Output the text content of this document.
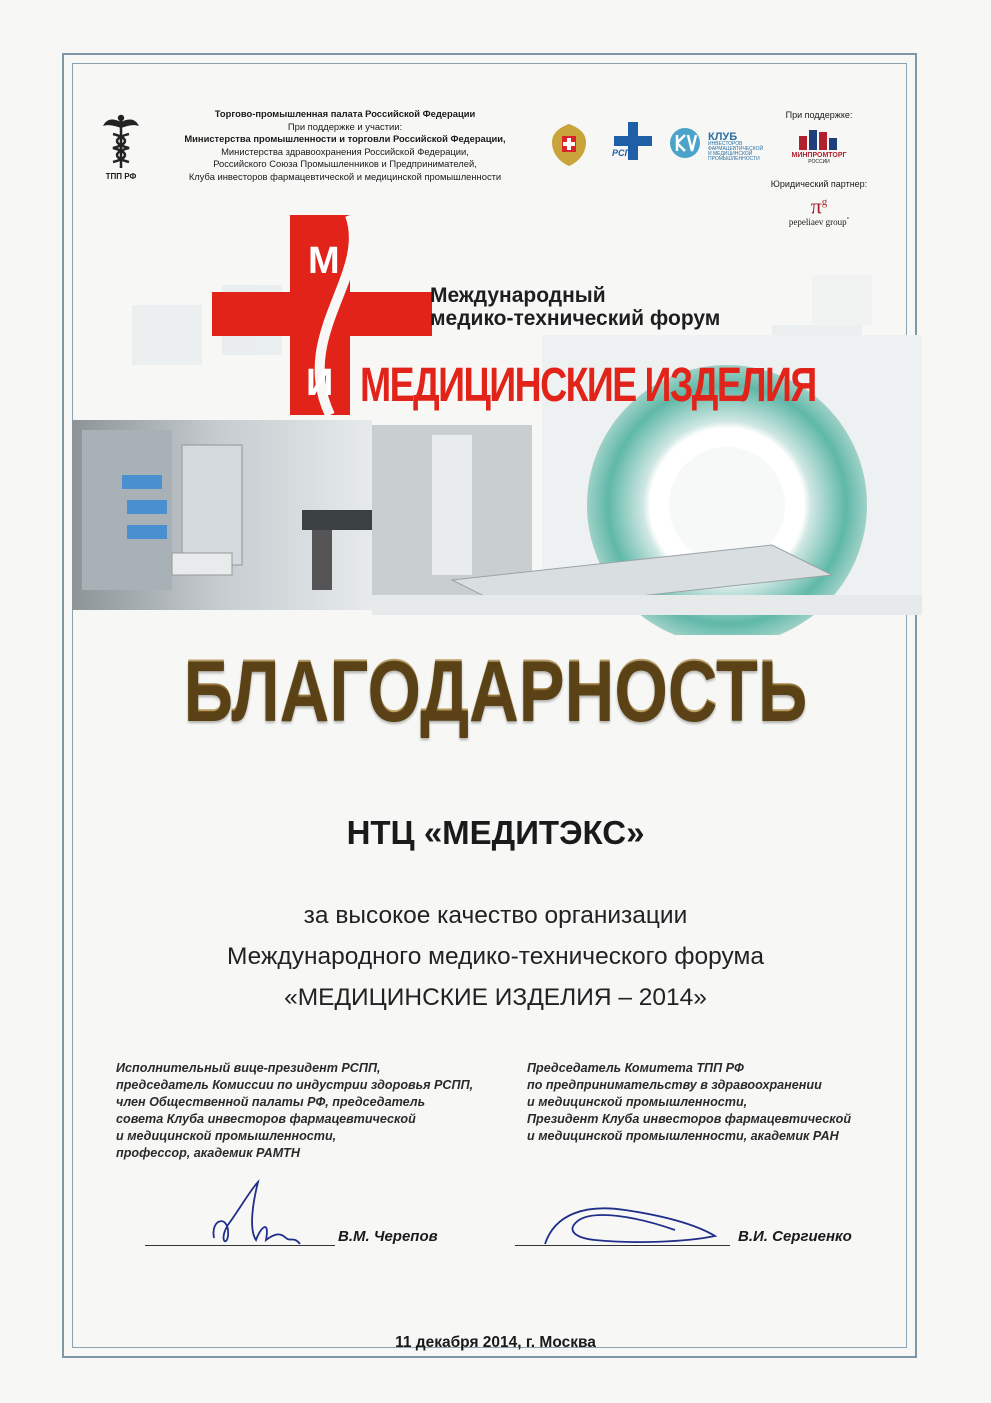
ТПП РФ
Торгово-промышленная палата Российской Федерации
При поддержке и участии:
Министерства промышленности и торговли Российской Федерации,
Министерства здравоохранения Российской Федерации,
Российского Союза Промышленников и Предпринимателей,
Клуба инвесторов фармацевтической и медицинской промышленности
РСПП
КЛУБ
ИНВЕСТОРОВ ФАРМАЦЕВТИЧЕСКОЙ И МЕДИЦИНСКОЙ ПРОМЫШЛЕННОСТИ
При поддержке:
МИНПРОМТОРГ
РОССИИ
Юридический партнер:
$\pi^g$
pepeliaev group°
М
И
Международный
медико-технический форум
МЕДИЦИНСКИЕ ИЗДЕЛИЯ
БЛАГОДАРНОСТЬ
НТЦ «МЕДИТЭКС»
за высокое качество организации
Международного медико-технического форума
«МЕДИЦИНСКИЕ ИЗДЕЛИЯ – 2014»
Исполнительный вице-президент РСПП,
председатель Комиссии по индустрии здоровья РСПП,
член Общественной палаты РФ, председатель
совета Клуба инвесторов фармацевтической
и медицинской промышленности,
профессор, академик РАМТН
Председатель Комитета ТПП РФ
по предпринимательству в здравоохранении
и медицинской промышленности,
Президент Клуба инвесторов фармацевтической
и медицинской промышленности, академик РАН
В.М. Черепов	В.И. Сергиенко
11 декабря 2014, г. Москва
